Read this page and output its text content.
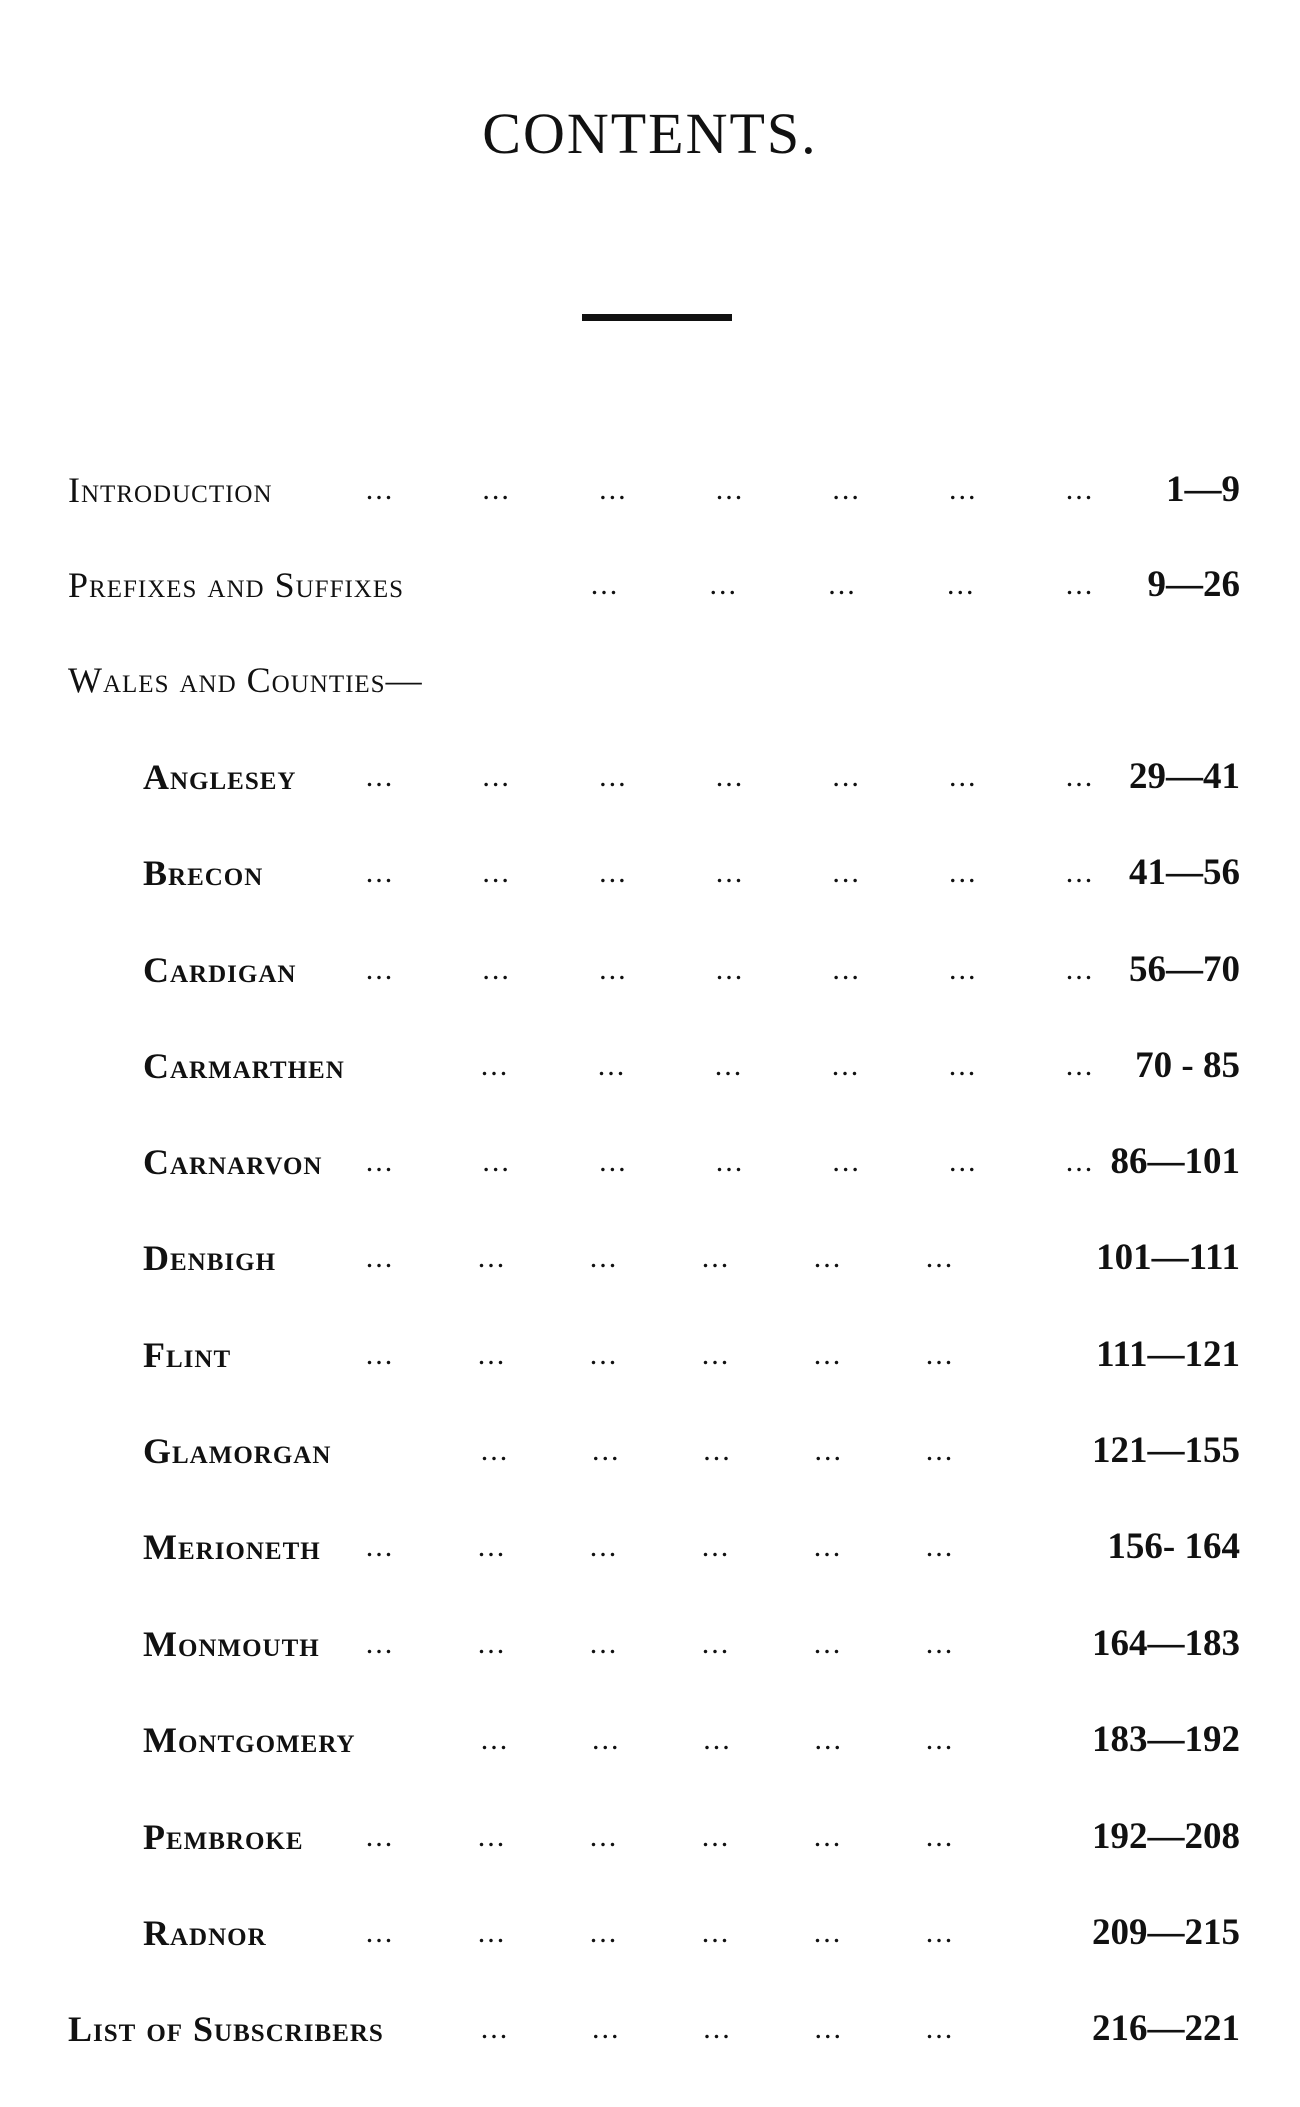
CONTENTS.
Introduction	...	...	...	...	...	...	... 1—9
Prefixes and Suffixes	...	...	...	...	... 9—26
Wales and Counties—
Anglesey ...	...	...	...	...	...	... 29—41
Brecon	...	...	...	...	...	...	... 41—56
Cardigan ...	...	...	...	...	...	... 56—70
Carmarthen	...	...	...	...	...	... 70 - 85
Carnarvon ...	...	...	...	...	...	... 86—101
Denbigh	...	...	...	...	...	...	101—111
Flint	...	...	...	...	...	...	111—121
Glamorgan	...	...	...	...	...	121—155
Merioneth ...	...	...	...	...	...	156- 164
Monmouth ...	...	...	...	...	...	164—183
Montgomery	...	...	...	...	...	183—192
Pembroke ...	...	...	...	...	...	192—208
Radnor	...	...	...	...	...	...	209—215
List of Subscribers	...	...	...	...	...	216—221
